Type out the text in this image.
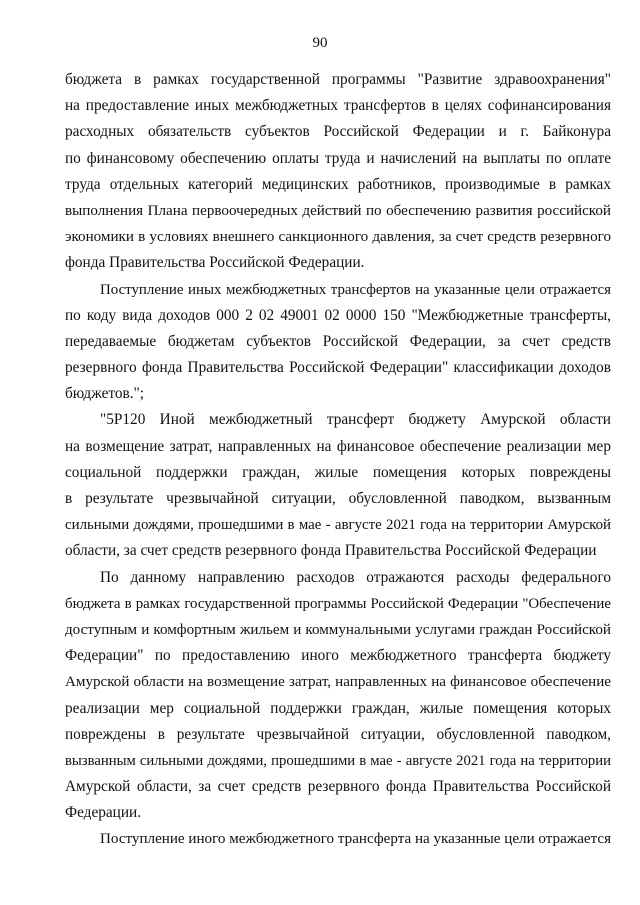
90
бюджета в рамках государственной программы "Развитие здравоохранения"
на предоставление иных межбюджетных трансфертов в целях софинансирования
расходных обязательств субъектов Российской Федерации и г. Байконура
по финансовому обеспечению оплаты труда и начислений на выплаты по оплате
труда отдельных категорий медицинских работников, производимые в рамках
выполнения Плана первоочередных действий по обеспечению развития российской
экономики в условиях внешнего санкционного давления, за счет средств резервного
фонда Правительства Российской Федерации.
Поступление иных межбюджетных трансфертов на указанные цели отражается
по коду вида доходов 000 2 02 49001 02 0000 150 "Межбюджетные трансферты,
передаваемые бюджетам субъектов Российской Федерации, за счет средств
резервного фонда Правительства Российской Федерации" классификации доходов
бюджетов.";
"5Р120 Иной межбюджетный трансферт бюджету Амурской области
на возмещение затрат, направленных на финансовое обеспечение реализации мер
социальной поддержки граждан, жилые помещения которых повреждены
в результате чрезвычайной ситуации, обусловленной паводком, вызванным
сильными дождями, прошедшими в мае - августе 2021 года на территории Амурской
области, за счет средств резервного фонда Правительства Российской Федерации
По данному направлению расходов отражаются расходы федерального
бюджета в рамках государственной программы Российской Федерации "Обеспечение
доступным и комфортным жильем и коммунальными услугами граждан Российской
Федерации" по предоставлению иного межбюджетного трансферта бюджету
Амурской области на возмещение затрат, направленных на финансовое обеспечение
реализации мер социальной поддержки граждан, жилые помещения которых
повреждены в результате чрезвычайной ситуации, обусловленной паводком,
вызванным сильными дождями, прошедшими в мае - августе 2021 года на территории
Амурской области, за счет средств резервного фонда Правительства Российской
Федерации.
Поступление иного межбюджетного трансферта на указанные цели отражается
